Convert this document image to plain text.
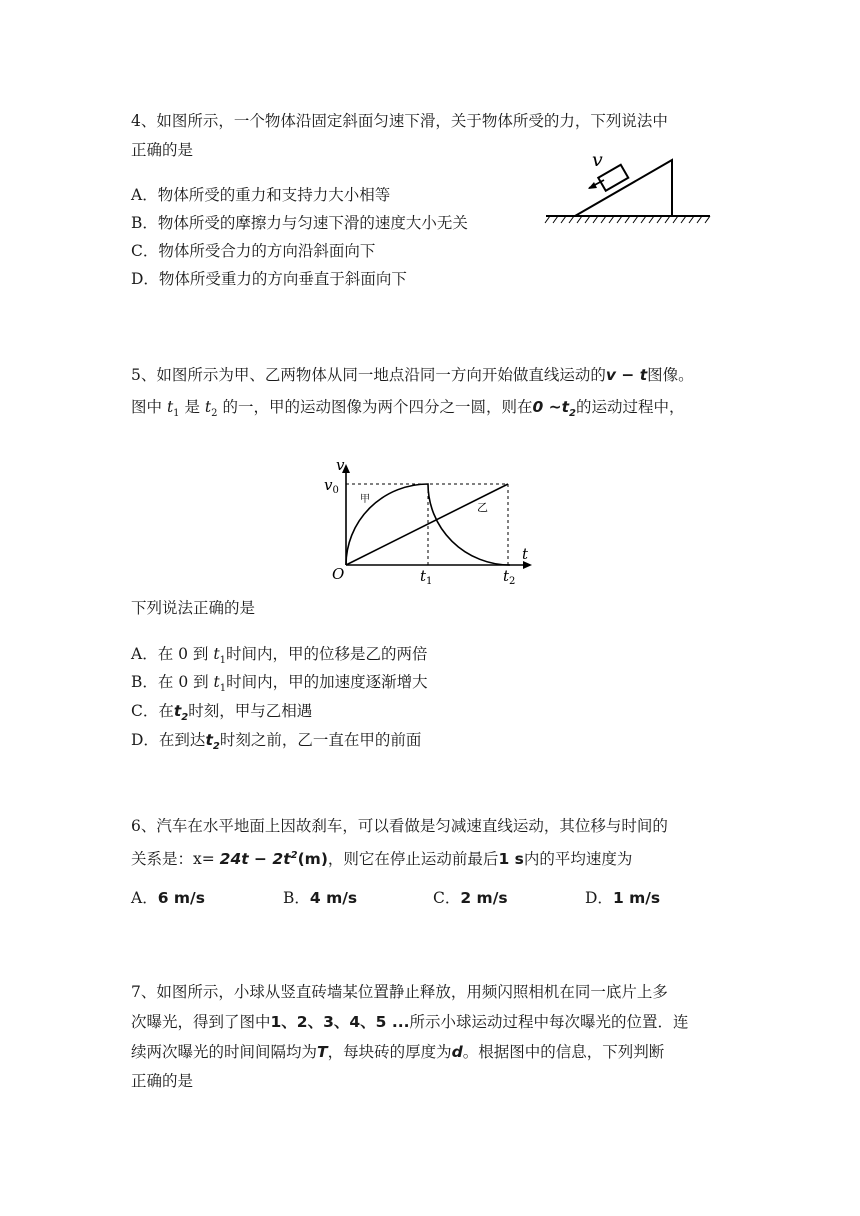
4、如图所示，一个物体沿固定斜面匀速下滑，关于物体所受的力，下列说法中
正确的是	v
A．物体所受的重力和支持力大小相等
B．物体所受的摩擦力与匀速下滑的速度大小无关
C．物体所受合力的方向沿斜面向下
D．物体所受重力的方向垂直于斜面向下
5、如图所示为甲、乙两物体从同一地点沿同一方向开始做直线运动的v − t图像。
图中 $t_1$ 是 $t_2$ 的一，甲的运动图像为两个四分之一圆，则在0 $\sim t_2$的运动过程中，
v
t
$v_0$
O	$t_1$	$t_2$
甲
乙
下列说法正确的是
A．在 0 到 $t_1$时间内，甲的位移是乙的两倍
B．在 0 到 $t_1$时间内，甲的加速度逐渐增大
C．在$t_2$时刻，甲与乙相遇
D．在到达$t_2$时刻之前，乙一直在甲的前面
6、汽车在水平地面上因故刹车，可以看做是匀减速直线运动，其位移与时间的
关系是：$x= 24t - 2t^2(m)$，则它在停止运动前最后1 s内的平均速度为
A．6 m/s	B．4 m/s	C．2 m/s	D．1 m/s
7、如图所示，小球从竖直砖墙某位置静止释放，用频闪照相机在同一底片上多
次曝光，得到了图中1、2、3、4、5 ...所示小球运动过程中每次曝光的位置．连
续两次曝光的时间间隔均为T，每块砖的厚度为d。根据图中的信息，下列判断
正确的是
